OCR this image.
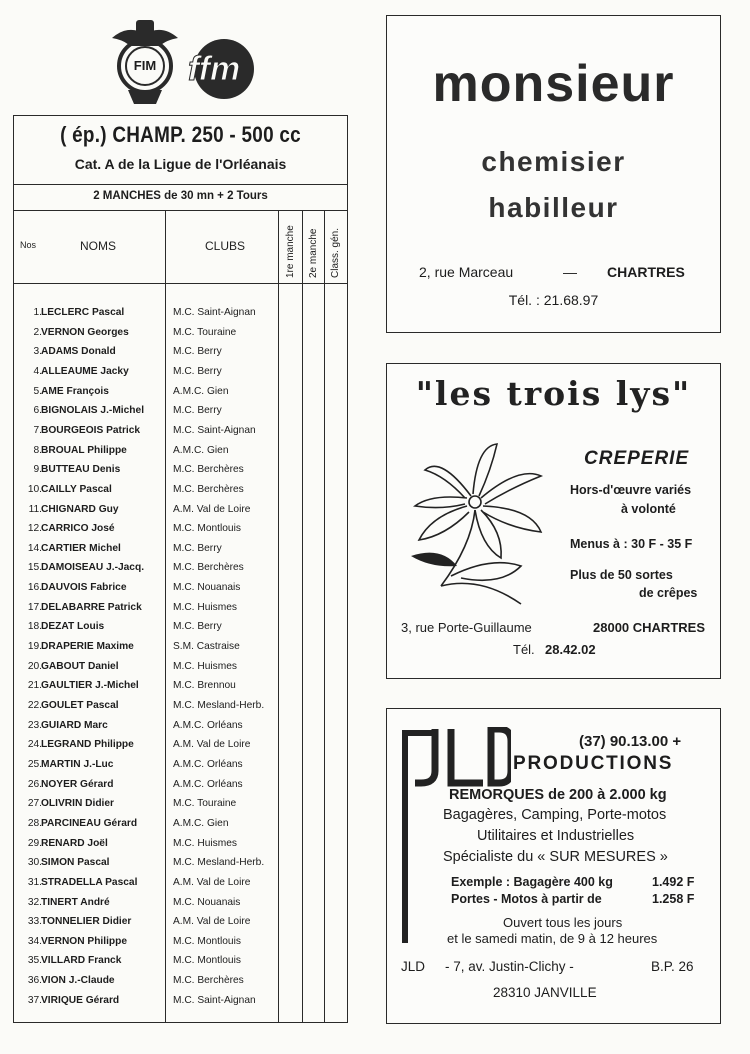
FIM ffm
( ép.) CHAMP. 250 - 500 cc
Cat. A de la Ligue de l'Orléanais
2 MANCHES de 30 mn + 2 Tours
Nos	NOMS	CLUBS	1re manche 2e manche Class. gén.
1. LECLERC Pascal	M.C. Saint-Aignan
2. VERNON Georges	M.C. Touraine
3. ADAMS Donald	M.C. Berry
4. ALLEAUME Jacky	M.C. Berry
5. AME François	A.M.C. Gien
6. BIGNOLAIS J.-Michel	M.C. Berry
7. BOURGEOIS Patrick	M.C. Saint-Aignan
8. BROUAL Philippe	A.M.C. Gien
9. BUTTEAU Denis	M.C. Berchères
10. CAILLY Pascal	M.C. Berchères
11. CHIGNARD Guy	A.M. Val de Loire
12. CARRICO José	M.C. Montlouis
14. CARTIER Michel	M.C. Berry
15. DAMOISEAU J.-Jacq.	M.C. Berchères
16. DAUVOIS Fabrice	M.C. Nouanais
17. DELABARRE Patrick	M.C. Huismes
18. DEZAT Louis	M.C. Berry
19. DRAPERIE Maxime	S.M. Castraise
20. GABOUT Daniel	M.C. Huismes
21. GAULTIER J.-Michel	M.C. Brennou
22. GOULET Pascal	M.C. Mesland-Herb.
23. GUIARD Marc	A.M.C. Orléans
24. LEGRAND Philippe	A.M. Val de Loire
25. MARTIN J.-Luc	A.M.C. Orléans
26. NOYER Gérard	A.M.C. Orléans
27. OLIVRIN Didier	M.C. Touraine
28. PARCINEAU Gérard	A.M.C. Gien
29. RENARD Joël	M.C. Huismes
30. SIMON Pascal	M.C. Mesland-Herb.
31. STRADELLA Pascal	A.M. Val de Loire
32. TINERT André	M.C. Nouanais
33. TONNELIER Didier	A.M. Val de Loire
34. VERNON Philippe	M.C. Montlouis
35. VILLARD Franck	M.C. Montlouis
36. VION J.-Claude	M.C. Berchères
37. VIRIQUE Gérard	M.C. Saint-Aignan
monsieur
chemisier
habilleur
2, rue Marceau	— CHARTRES
Tél. : 21.68.97
"les trois lys"
CREPERIE
Hors-d'œuvre variés
à volonté
Menus à : 30 F - 35 F
Plus de 50 sortes
de crêpes
3, rue Porte-Guillaume	28000 CHARTRES
Tél. 28.42.02
(37) 90.13.00 +
PRODUCTIONS
REMORQUES de 200 à 2.000 kg
Bagagères, Camping, Porte-motos
Utilitaires et Industrielles
Spécialiste du « SUR MESURES »
Exemple : Bagagère 400 kg	1.492 F
Portes - Motos à partir de	1.258 F
Ouvert tous les jours
et le samedi matin, de 9 à 12 heures
JLD - 7, av. Justin-Clichy -	B.P. 26
28310 JANVILLE
